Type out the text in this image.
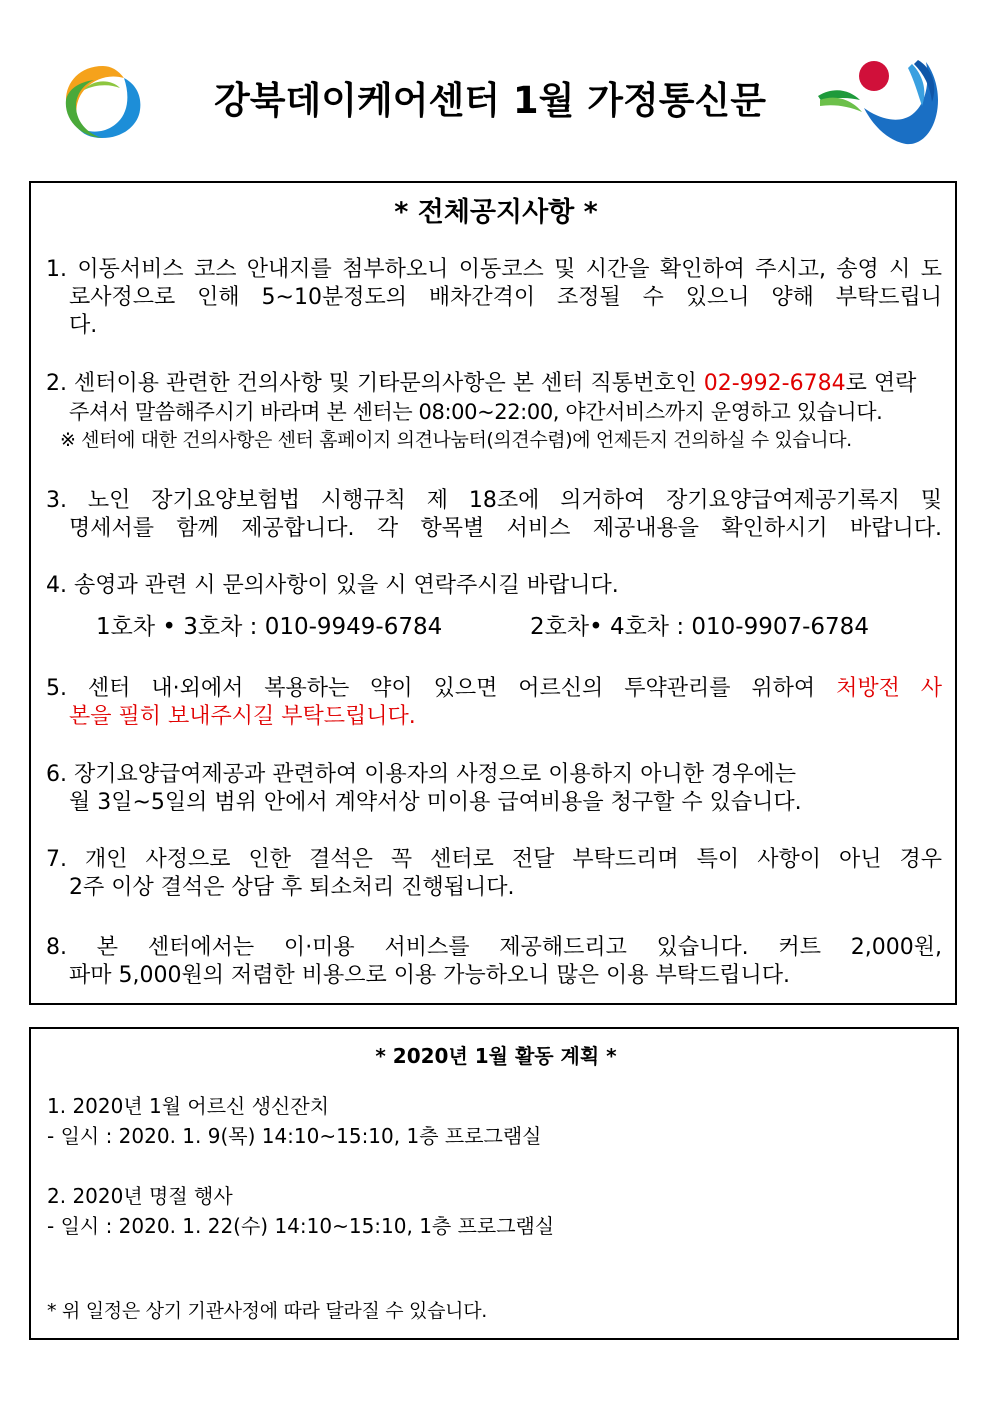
강북데이케어센터 1월 가정통신문
* 전체공지사항 *
1. 이동서비스 코스 안내지를 첨부하오니 이동코스 및 시간을 확인하여 주시고, 송영 시 도
로사정으로 인해 5~10분정도의 배차간격이 조정될 수 있으니 양해 부탁드립니
다.
2. 센터이용 관련한 건의사항 및 기타문의사항은 본 센터 직통번호인 02-992-6784로 연락
주셔서 말씀해주시기 바라며 본 센터는 08:00~22:00, 야간서비스까지 운영하고 있습니다.
※ 센터에 대한 건의사항은 센터 홈페이지 의견나눔터(의견수렴)에 언제든지 건의하실 수 있습니다.
3. 노인 장기요양보험법 시행규칙 제 18조에 의거하여 장기요양급여제공기록지 및
명세서를 함께 제공합니다. 각 항목별 서비스 제공내용을 확인하시기 바랍니다.
4. 송영과 관련 시 문의사항이 있을 시 연락주시길 바랍니다.
1호차 • 3호차 : 010-9949-6784	2호차• 4호차 : 010-9907-6784
5. 센터 내·외에서 복용하는 약이 있으면 어르신의 투약관리를 위하여 처방전 사
본을 필히 보내주시길 부탁드립니다.
6. 장기요양급여제공과 관련하여 이용자의 사정으로 이용하지 아니한 경우에는
월 3일~5일의 범위 안에서 계약서상 미이용 급여비용을 청구할 수 있습니다.
7. 개인 사정으로 인한 결석은 꼭 센터로 전달 부탁드리며 특이 사항이 아닌 경우
2주 이상 결석은 상담 후 퇴소처리 진행됩니다.
8. 본 센터에서는 이·미용 서비스를 제공해드리고 있습니다. 커트 2,000원,
파마 5,000원의 저렴한 비용으로 이용 가능하오니 많은 이용 부탁드립니다.
* 2020년 1월 활동 계획 *
1. 2020년 1월 어르신 생신잔치
- 일시 : 2020. 1. 9(목) 14:10~15:10, 1층 프로그램실
2. 2020년 명절 행사
- 일시 : 2020. 1. 22(수) 14:10~15:10, 1층 프로그램실
* 위 일정은 상기 기관사정에 따라 달라질 수 있습니다.
